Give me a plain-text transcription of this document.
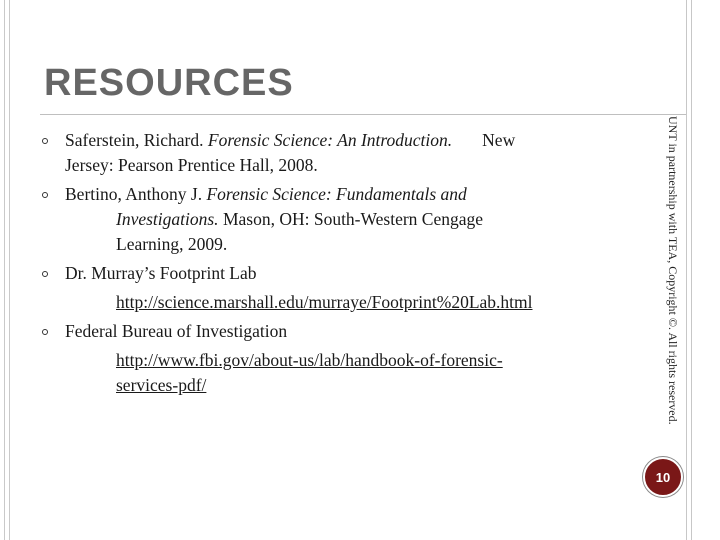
RESOURCES
Saferstein, Richard. Forensic Science: An Introduction. New
Jersey: Pearson Prentice Hall, 2008.
Bertino, Anthony J. Forensic Science: Fundamentals and
Investigations. Mason, OH: South-Western Cengage
Learning, 2009.
Dr. Murray’s Footprint Lab
http://science.marshall.edu/murraye/Footprint%20Lab.html
Federal Bureau of Investigation
http://www.fbi.gov/about-us/lab/handbook-of-forensic-
services-pdf/	UNT in partnership with TEA, Copyright ©. All rights reserved.
10
